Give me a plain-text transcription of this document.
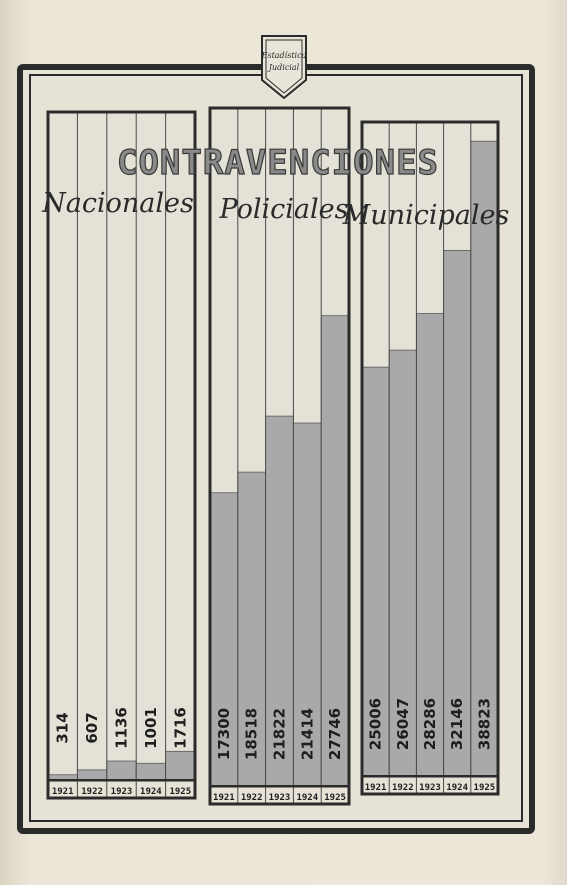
Estadística
Judicial
314
1921
607
1922
1136
1923
1001
1924
1716
1925
Nacionales
17300
1921
18518
1922
21822
1923
21414
1924
27746
1925
Policiales
25006
1921
26047
1922
28286
1923
32146
1924
38823
1925
Municipales
CONTRAVENCIONES
